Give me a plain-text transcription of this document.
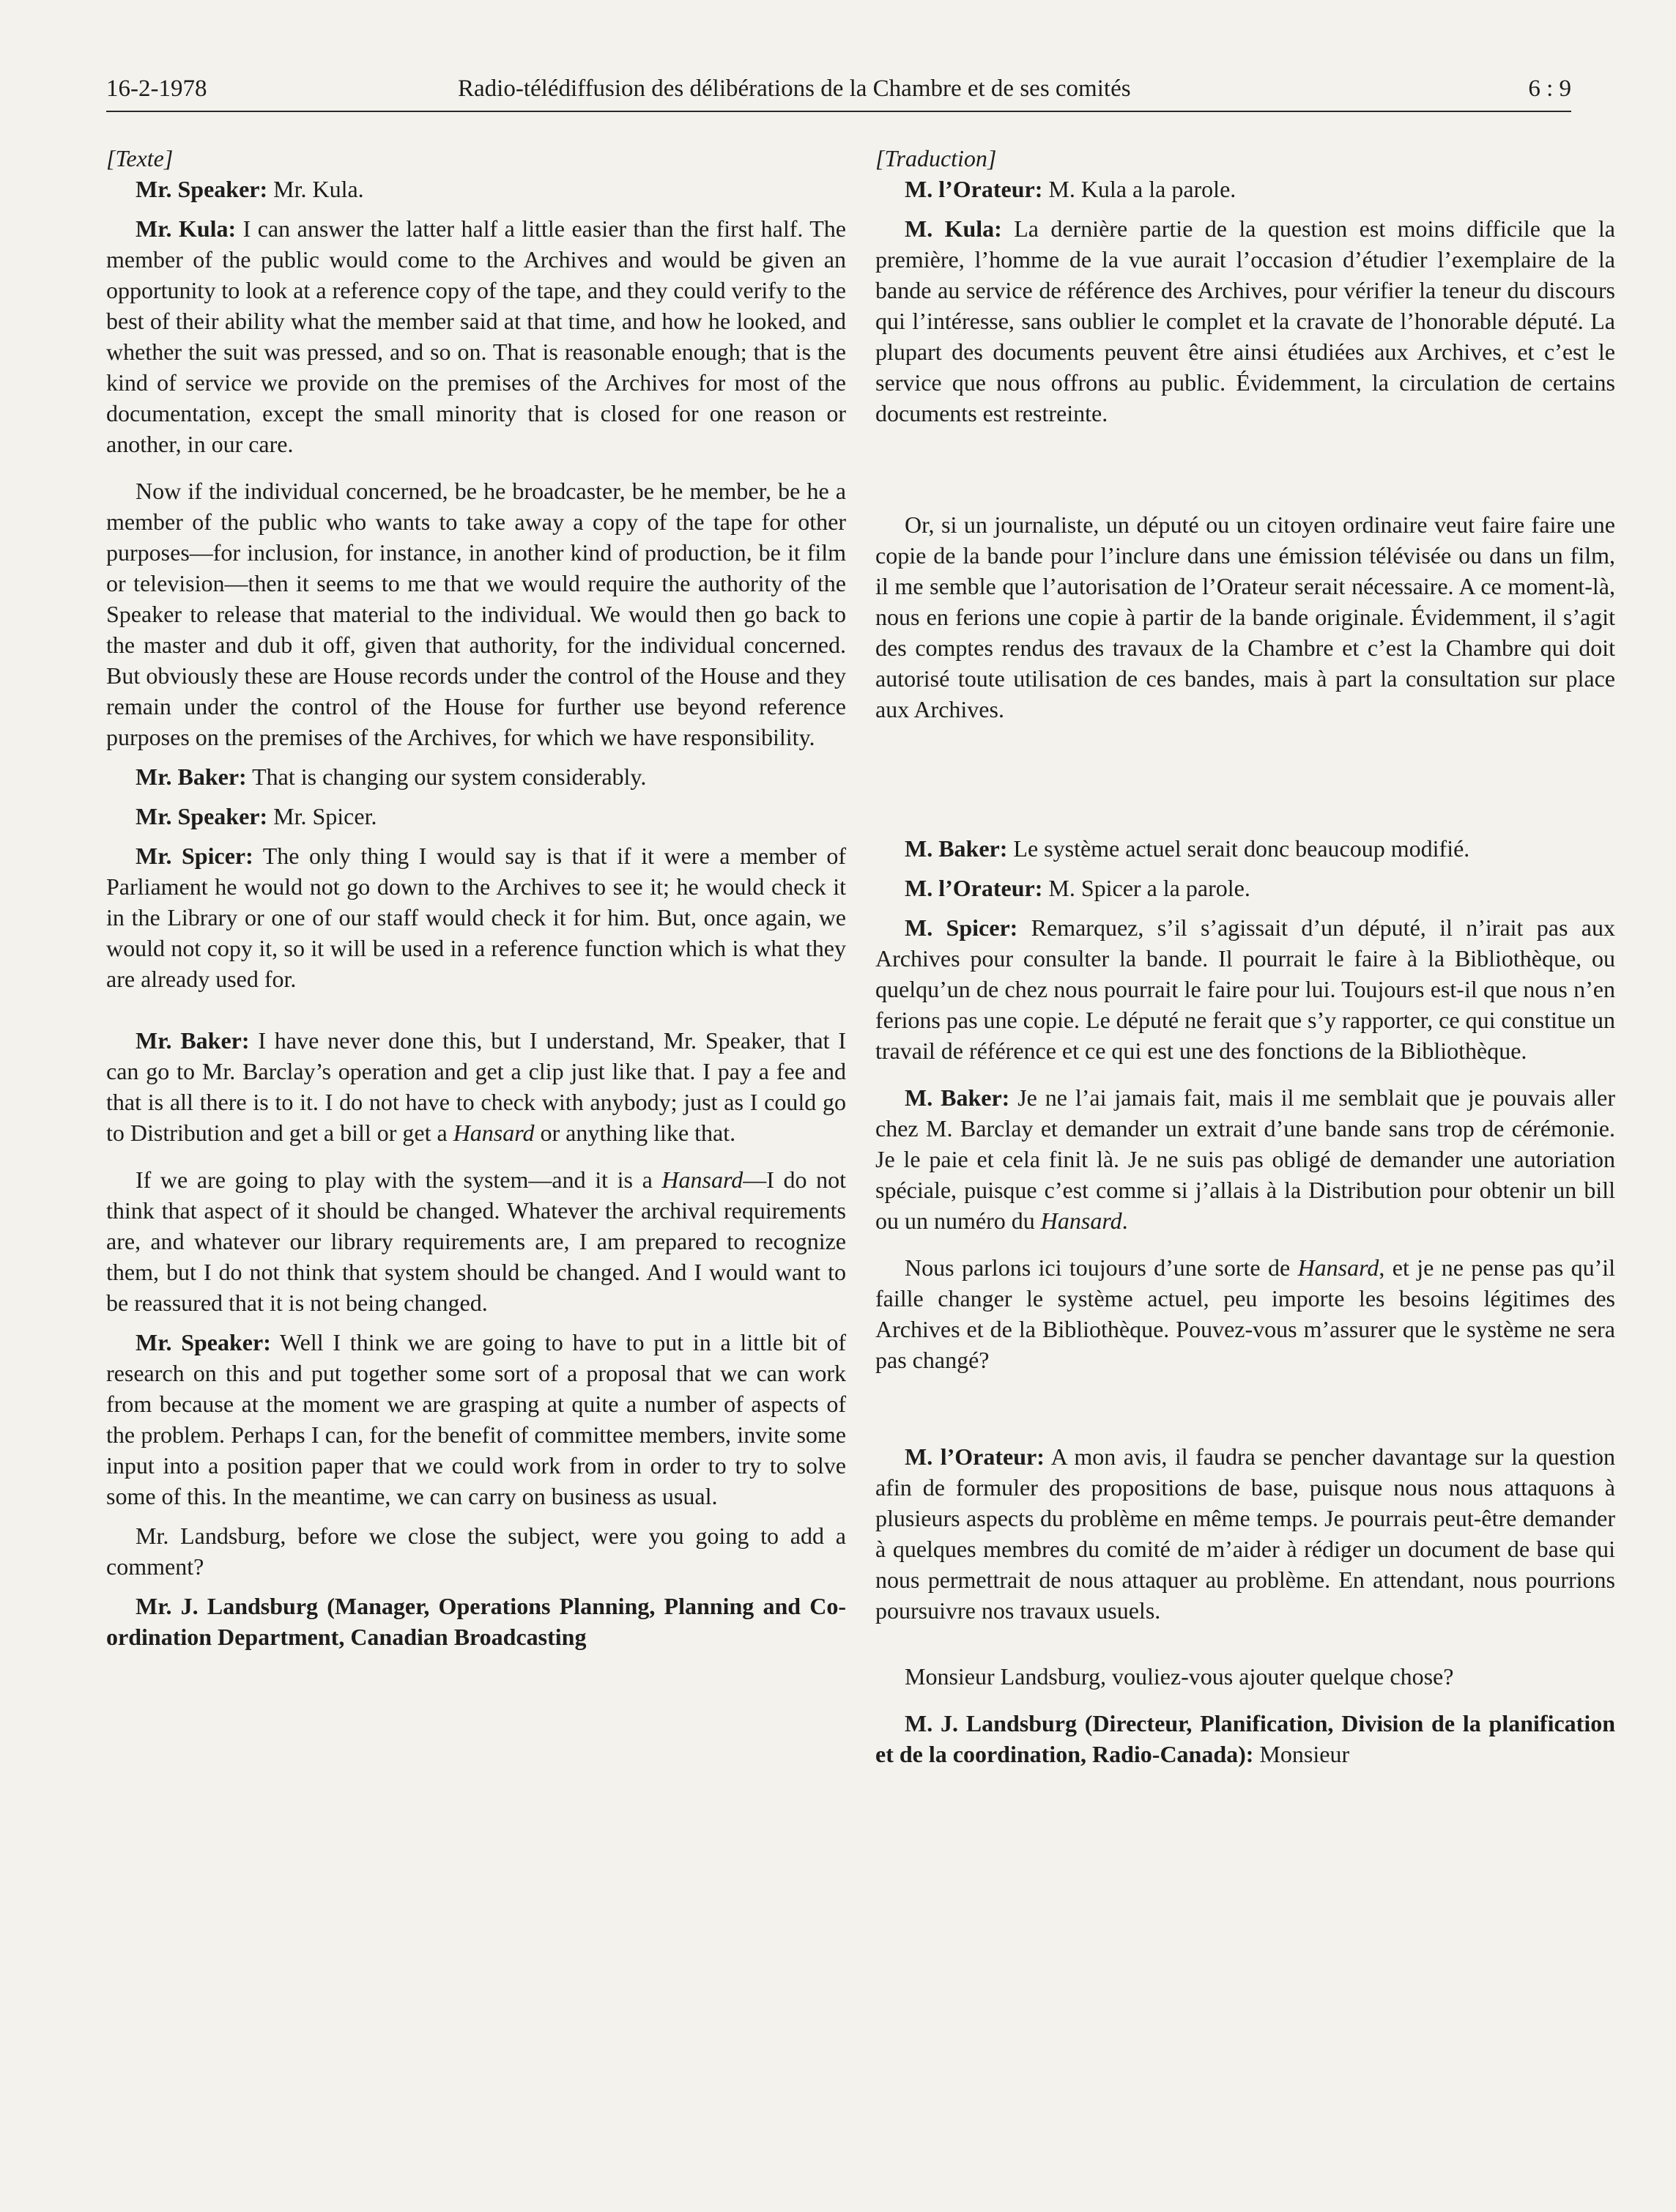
16-2-1978	Radio-télédiffusion des délibérations de la Chambre et de ses comités	6 : 9

[Texte]

Mr. Speaker: Mr. Kula.

Mr. Kula: I can answer the latter half a little easier than the first half. The member of the public would come to the Archives and would be given an opportunity to look at a reference copy of the tape, and they could verify to the best of their ability what the member said at that time, and how he looked, and whether the suit was pressed, and so on. That is reasonable enough; that is the kind of service we provide on the premises of the Archives for most of the documentation, except the small minority that is closed for one reason or another, in our care.

Now if the individual concerned, be he broadcaster, be he member, be he a member of the public who wants to take away a copy of the tape for other purposes—for inclusion, for instance, in another kind of production, be it film or television—then it seems to me that we would require the authority of the Speaker to release that material to the individual. We would then go back to the master and dub it off, given that authority, for the individual concerned. But obviously these are House records under the control of the House and they remain under the control of the House for further use beyond reference purposes on the premises of the Archives, for which we have responsibility.

Mr. Baker: That is changing our system considerably.

Mr. Speaker: Mr. Spicer.

Mr. Spicer: The only thing I would say is that if it were a member of Parliament he would not go down to the Archives to see it; he would check it in the Library or one of our staff would check it for him. But, once again, we would not copy it, so it will be used in a reference function which is what they are already used for.

Mr. Baker: I have never done this, but I understand, Mr. Speaker, that I can go to Mr. Barclay’s operation and get a clip just like that. I pay a fee and that is all there is to it. I do not have to check with anybody; just as I could go to Distribution and get a bill or get a Hansard or anything like that.

If we are going to play with the system—and it is a Hansard—I do not think that aspect of it should be changed. Whatever the archival requirements are, and whatever our library requirements are, I am prepared to recognize them, but I do not think that system should be changed. And I would want to be reassured that it is not being changed.

Mr. Speaker: Well I think we are going to have to put in a little bit of research on this and put together some sort of a proposal that we can work from because at the moment we are grasping at quite a number of aspects of the problem. Perhaps I can, for the benefit of committee members, invite some input into a position paper that we could work from in order to try to solve some of this. In the meantime, we can carry on business as usual.

Mr. Landsburg, before we close the subject, were you going to add a comment?

Mr. J. Landsburg (Manager, Operations Planning, Planning and Co-ordination Department, Canadian Broadcasting

[Traduction]

M. l’Orateur: M. Kula a la parole.

M. Kula: La dernière partie de la question est moins difficile que la première, l’homme de la vue aurait l’occasion d’étudier l’exemplaire de la bande au service de référence des Archives, pour vérifier la teneur du discours qui l’intéresse, sans oublier le complet et la cravate de l’honorable député. La plupart des documents peuvent être ainsi étudiées aux Archives, et c’est le service que nous offrons au public. Évidemment, la circulation de certains documents est restreinte.

Or, si un journaliste, un député ou un citoyen ordinaire veut faire faire une copie de la bande pour l’inclure dans une émission télévisée ou dans un film, il me semble que l’autorisation de l’Orateur serait nécessaire. A ce moment-là, nous en ferions une copie à partir de la bande originale. Évidemment, il s’agit des comptes rendus des travaux de la Chambre et c’est la Chambre qui doit autorisé toute utilisation de ces bandes, mais à part la consultation sur place aux Archives.

M. Baker: Le système actuel serait donc beaucoup modifié.

M. l’Orateur: M. Spicer a la parole.

M. Spicer: Remarquez, s’il s’agissait d’un député, il n’irait pas aux Archives pour consulter la bande. Il pourrait le faire à la Bibliothèque, ou quelqu’un de chez nous pourrait le faire pour lui. Toujours est-il que nous n’en ferions pas une copie. Le député ne ferait que s’y rapporter, ce qui constitue un travail de référence et ce qui est une des fonctions de la Bibliothèque.

M. Baker: Je ne l’ai jamais fait, mais il me semblait que je pouvais aller chez M. Barclay et demander un extrait d’une bande sans trop de cérémonie. Je le paie et cela finit là. Je ne suis pas obligé de demander une autoriation spéciale, puisque c’est comme si j’allais à la Distribution pour obtenir un bill ou un numéro du Hansard.

Nous parlons ici toujours d’une sorte de Hansard, et je ne pense pas qu’il faille changer le système actuel, peu importe les besoins légitimes des Archives et de la Bibliothèque. Pouvez-vous m’assurer que le système ne sera pas changé?

M. l’Orateur: A mon avis, il faudra se pencher davantage sur la question afin de formuler des propositions de base, puisque nous nous attaquons à plusieurs aspects du problème en même temps. Je pourrais peut-être demander à quelques membres du comité de m’aider à rédiger un document de base qui nous permettrait de nous attaquer au problème. En attendant, nous pourrions poursuivre nos travaux usuels.

Monsieur Landsburg, vouliez-vous ajouter quelque chose?

M. J. Landsburg (Directeur, Planification, Division de la planification et de la coordination, Radio-Canada): Monsieur
